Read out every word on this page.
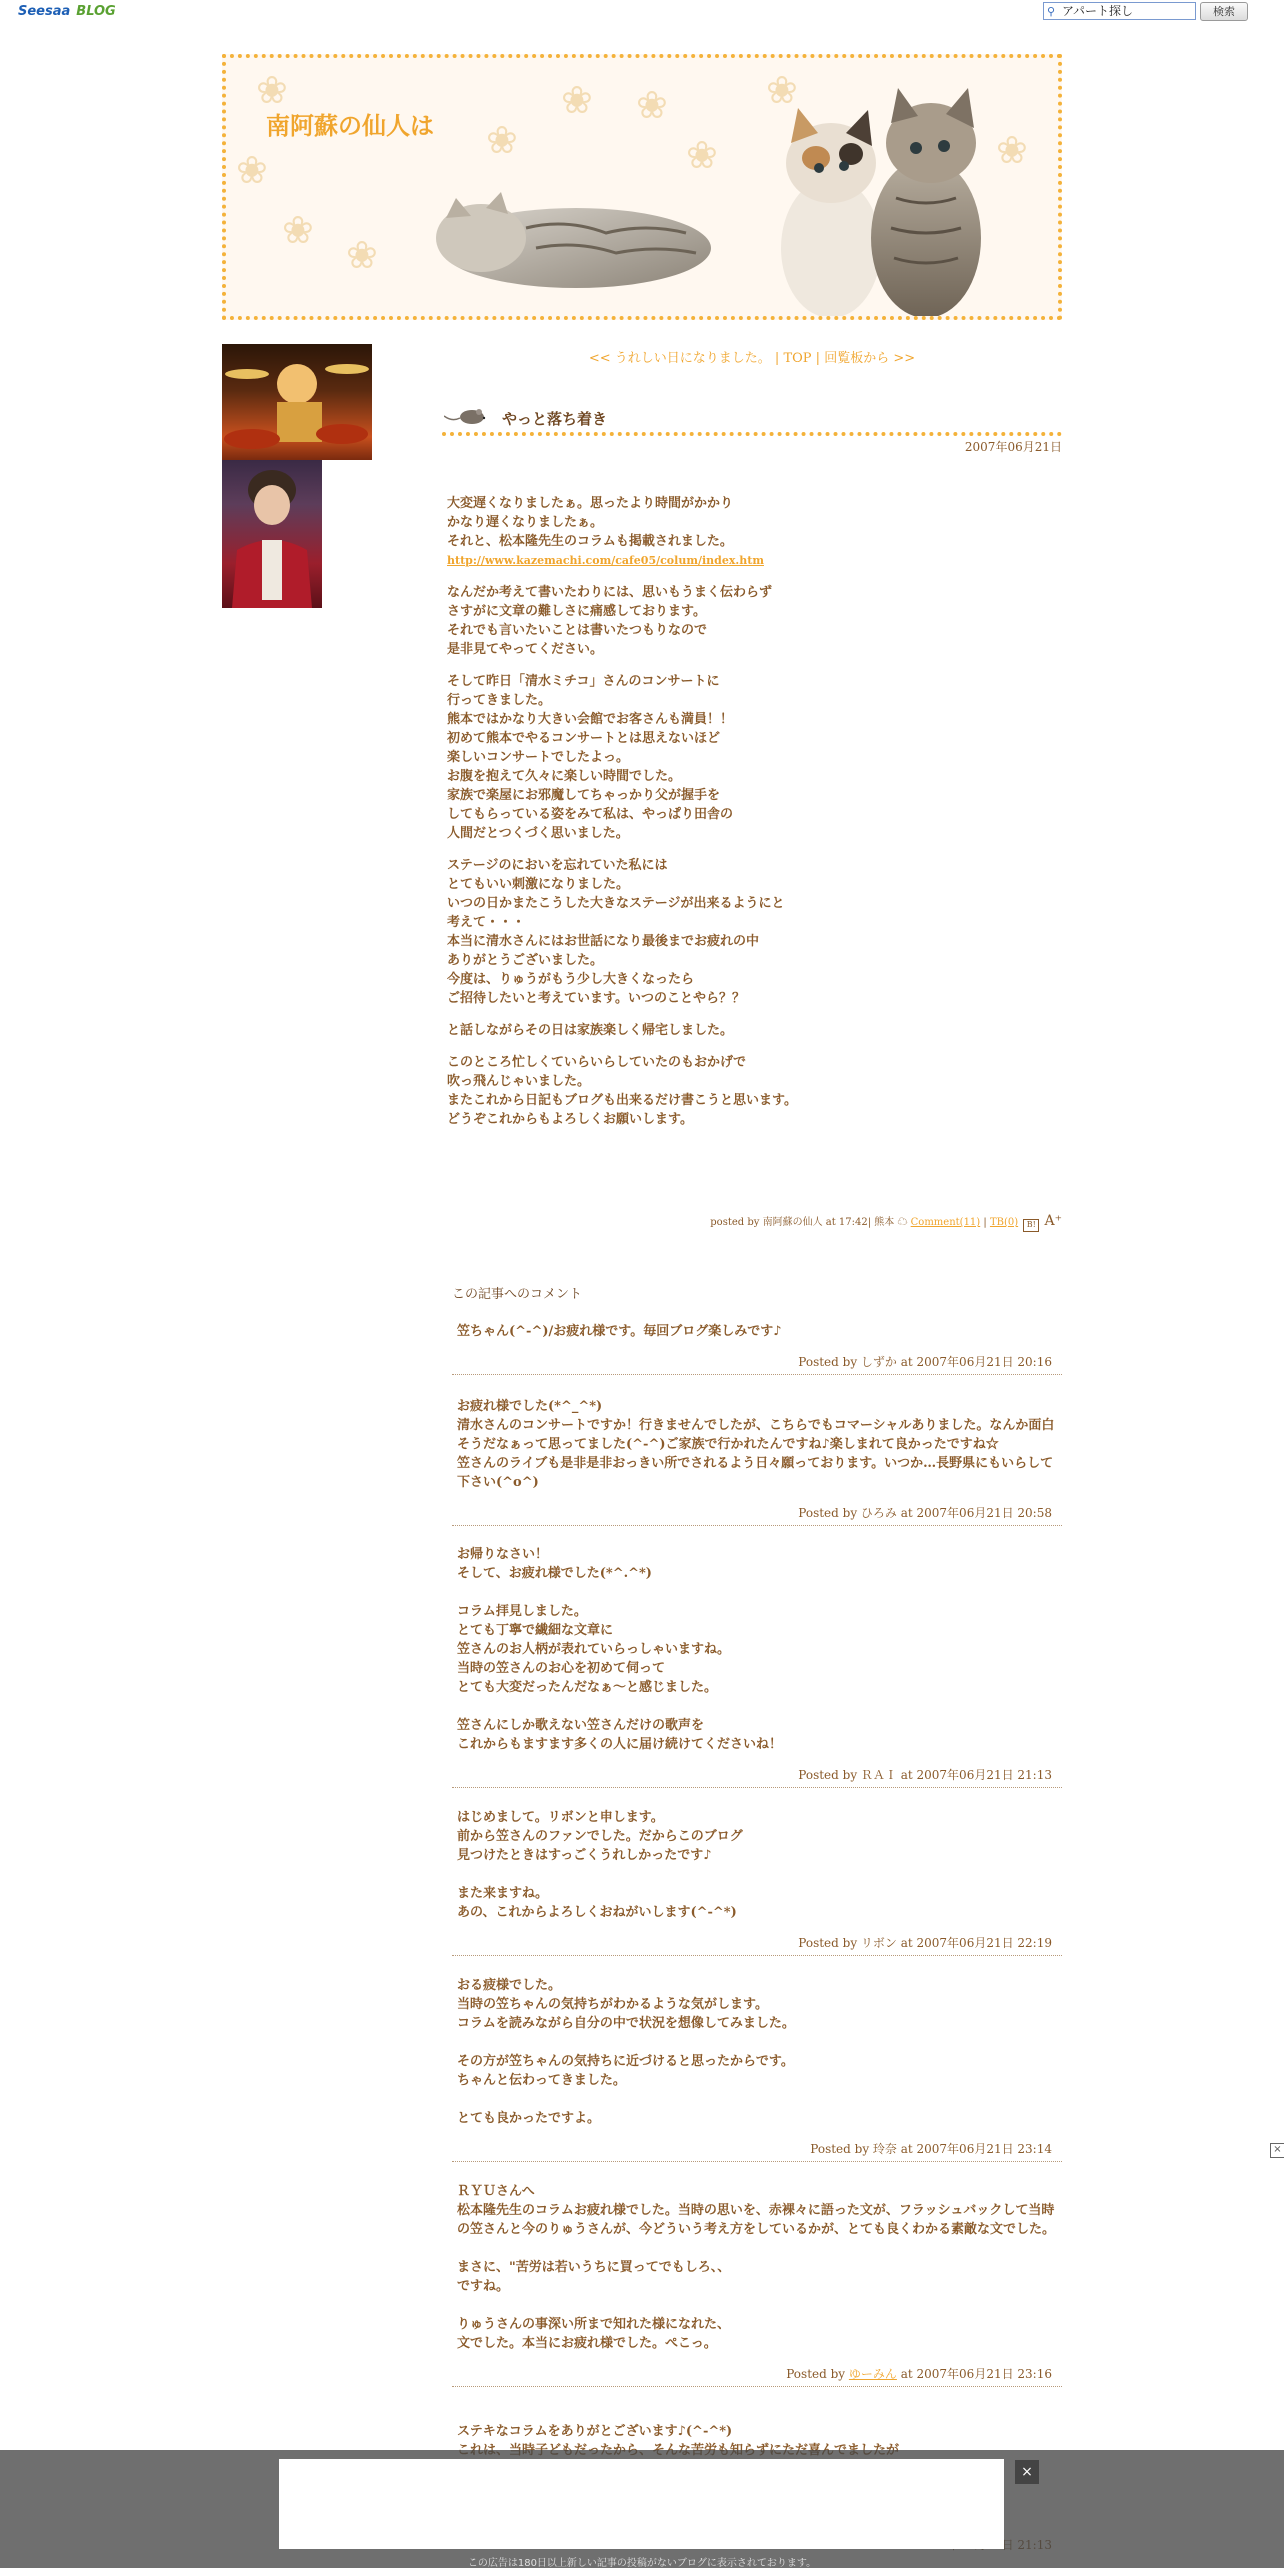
Seesaa BLOG	⚲ アパート探し	検索
❀
❀
❀
❀
❀
❀ ❀
❀	❀
❀
南阿蘇の仙人は
<< うれしい日になりました。 | TOP | 回覧板から >>
やっと落ち着き
2007年06月21日

大変遅くなりましたぁ。思ったより時間がかかり
かなり遅くなりましたぁ。
それと、松本隆先生のコラムも掲載されました。

http://www.kazemachi.com/cafe05/colum/index.htm

なんだか考えて書いたわりには、思いもうまく伝わらず
さすがに文章の難しさに痛感しております。
それでも言いたいことは書いたつもりなので
是非見てやってください。

そして昨日「清水ミチコ」さんのコンサートに
行ってきました。
熊本ではかなり大きい会館でお客さんも満員！！
初めて熊本でやるコンサートとは思えないほど
楽しいコンサートでしたよっ。
お腹を抱えて久々に楽しい時間でした。
家族で楽屋にお邪魔してちゃっかり父が握手を
してもらっている姿をみて私は、やっぱり田舎の
人間だとつくづく思いました。

ステージのにおいを忘れていた私には
とてもいい刺激になりました。
いつの日かまたこうした大きなステージが出来るようにと
考えて・・・
本当に清水さんにはお世話になり最後までお疲れの中
ありがとうございました。
今度は、りゅうがもう少し大きくなったら
ご招待したいと考えています。いつのことやら？？

と話しながらその日は家族楽しく帰宅しました。

このところ忙しくていらいらしていたのもおかげで
吹っ飛んじゃいました。
またこれから日記もブログも出来るだけ書こうと思います。
どうぞこれからもよろしくお願いします。

posted by 南阿蘇の仙人 at 17:42| 熊本 ☁ Comment(11) | TB(0) B! A⁺
この記事へのコメント
笠ちゃん(^-^)/お疲れ様です。毎回ブログ楽しみです♪
Posted by しずか at 2007年06月21日 20:16
お疲れ様でした(*^_^*)
清水さんのコンサートですか！行きませんでしたが、こちらでもコマーシャルありました。なんか面白そうだなぁって思ってました(^-^)ご家族で行かれたんですね♪楽しまれて良かったですね☆
笠さんのライブも是非是非おっきい所でされるよう日々願っております。いつか…長野県にもいらして下さい(^o^)
Posted by ひろみ at 2007年06月21日 20:58
お帰りなさい！
そして、お疲れ様でした(*^.^*)

コラム拝見しました。
とても丁寧で繊細な文章に
笠さんのお人柄が表れていらっしゃいますね。
当時の笠さんのお心を初めて伺って
とても大変だったんだなぁ～と感じました。

笠さんにしか歌えない笠さんだけの歌声を
これからもますます多くの人に届け続けてくださいね！
Posted by ＲＡＩ at 2007年06月21日 21:13
はじめまして。リボンと申します。
前から笠さんのファンでした。だからこのブログ
見つけたときはすっごくうれしかったです♪

また来ますね。
あの、これからよろしくおねがいします(^-^*)
Posted by リボン at 2007年06月21日 22:19
おる疲様でした。
当時の笠ちゃんの気持ちがわかるような気がします。
コラムを読みながら自分の中で状況を想像してみました。

その方が笠ちゃんの気持ちに近づけると思ったからです。
ちゃんと伝わってきました。

とても良かったですよ。
Posted by 玲奈 at 2007年06月21日 23:14
ＲＹＵさんへ
松本隆先生のコラムお疲れ様でした。当時の思いを、赤裸々に語った文が、フラッシュバックして当時の笠さんと今のりゅうさんが、今どういう考え方をしているかが、とても良くわかる素敵な文でした。

まさに、"苦労は若いうちに買ってでもしろ、、
ですね。

りゅうさんの事深い所まで知れた様になれた、
文でした。本当にお疲れ様でした。ぺこっ。
Posted by ゆーみん at 2007年06月21日 23:16
ステキなコラムをありがとございます♪(^-^*)

×
×
この広告は180日以上新しい記事の投稿がないブログに表示されております。
